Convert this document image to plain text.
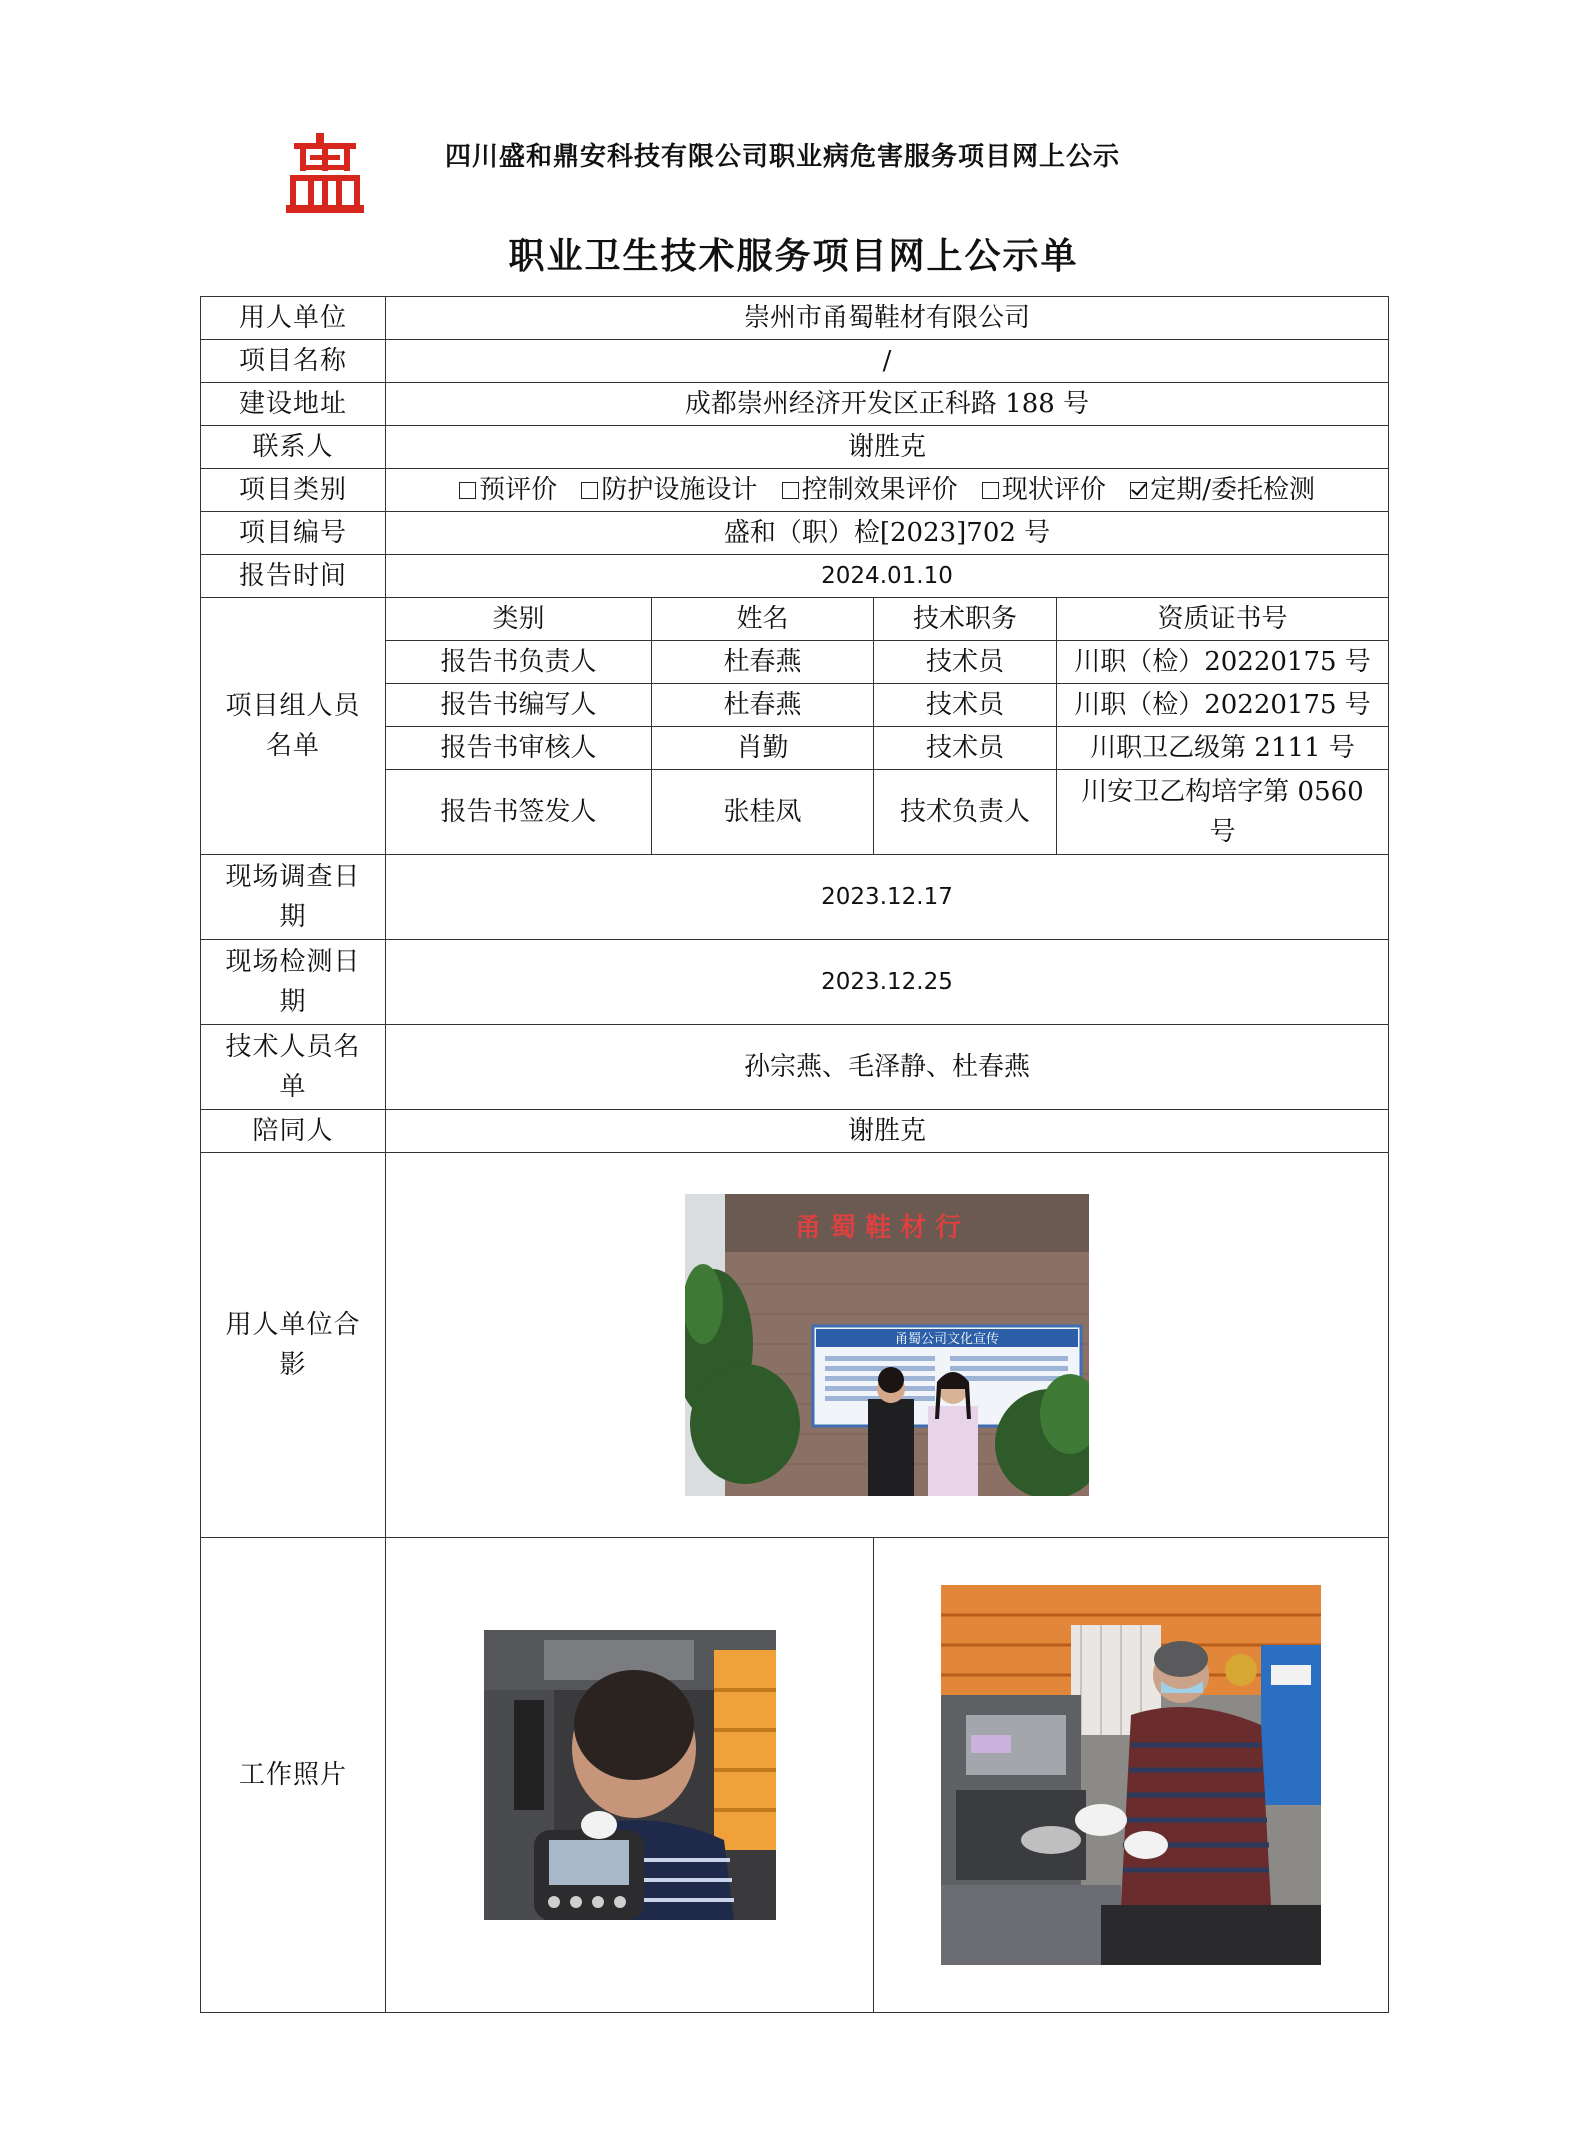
四川盛和鼎安科技有限公司职业病危害服务项目网上公示
职业卫生技术服务项目网上公示单
用人单位	崇州市甬蜀鞋材有限公司			
项目名称	/			
建设地址	成都崇州经济开发区正科路 188 号			
联系人	谢胜克			
项目类别	预评价 防护设施设计 控制效果评价 现状评价 定期/委托检测			
项目编号	盛和（职）检[2023]702 号			
报告时间	2024.01.10			
项目组人员名单	类别	姓名	技术职务	资质证书号
	报告书负责人	杜春燕	技术员	川职（检）20220175 号
	报告书编写人	杜春燕	技术员	川职（检）20220175 号
	报告书审核人	肖勤	技术员	川职卫乙级第 2111 号
	报告书签发人	张桂凤	技术负责人	川安卫乙构培字第 0560 号
现场调查日期	2023.12.17			
现场检测日期	2023.12.25			
技术人员名单	孙宗燕、毛泽静、杜春燕			
陪同人	谢胜克			
用人单位合影	甬 蜀 鞋 材 行
甬蜀公司文化宣传			

工作照片	
